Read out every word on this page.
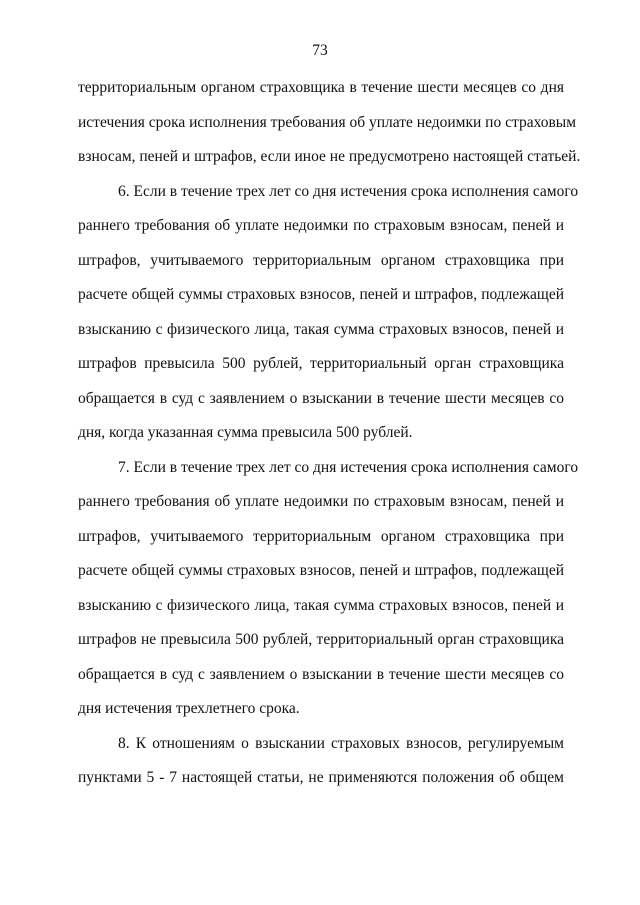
73
территориальным органом страховщика в течение шести месяцев со дня
истечения срока исполнения требования об уплате недоимки по страховым
взносам, пеней и штрафов, если иное не предусмотрено настоящей статьей.
6. Если в течение трех лет со дня истечения срока исполнения самого
раннего требования об уплате недоимки по страховым взносам, пеней и
штрафов, учитываемого территориальным органом страховщика при
расчете общей суммы страховых взносов, пеней и штрафов, подлежащей
взысканию с физического лица, такая сумма страховых взносов, пеней и
штрафов превысила 500 рублей, территориальный орган страховщика
обращается в суд с заявлением о взыскании в течение шести месяцев со
дня, когда указанная сумма превысила 500 рублей.
7. Если в течение трех лет со дня истечения срока исполнения самого
раннего требования об уплате недоимки по страховым взносам, пеней и
штрафов, учитываемого территориальным органом страховщика при
расчете общей суммы страховых взносов, пеней и штрафов, подлежащей
взысканию с физического лица, такая сумма страховых взносов, пеней и
штрафов не превысила 500 рублей, территориальный орган страховщика
обращается в суд с заявлением о взыскании в течение шести месяцев со
дня истечения трехлетнего срока.
8. К отношениям о взыскании страховых взносов, регулируемым
пунктами 5 - 7 настоящей статьи, не применяются положения об общем
